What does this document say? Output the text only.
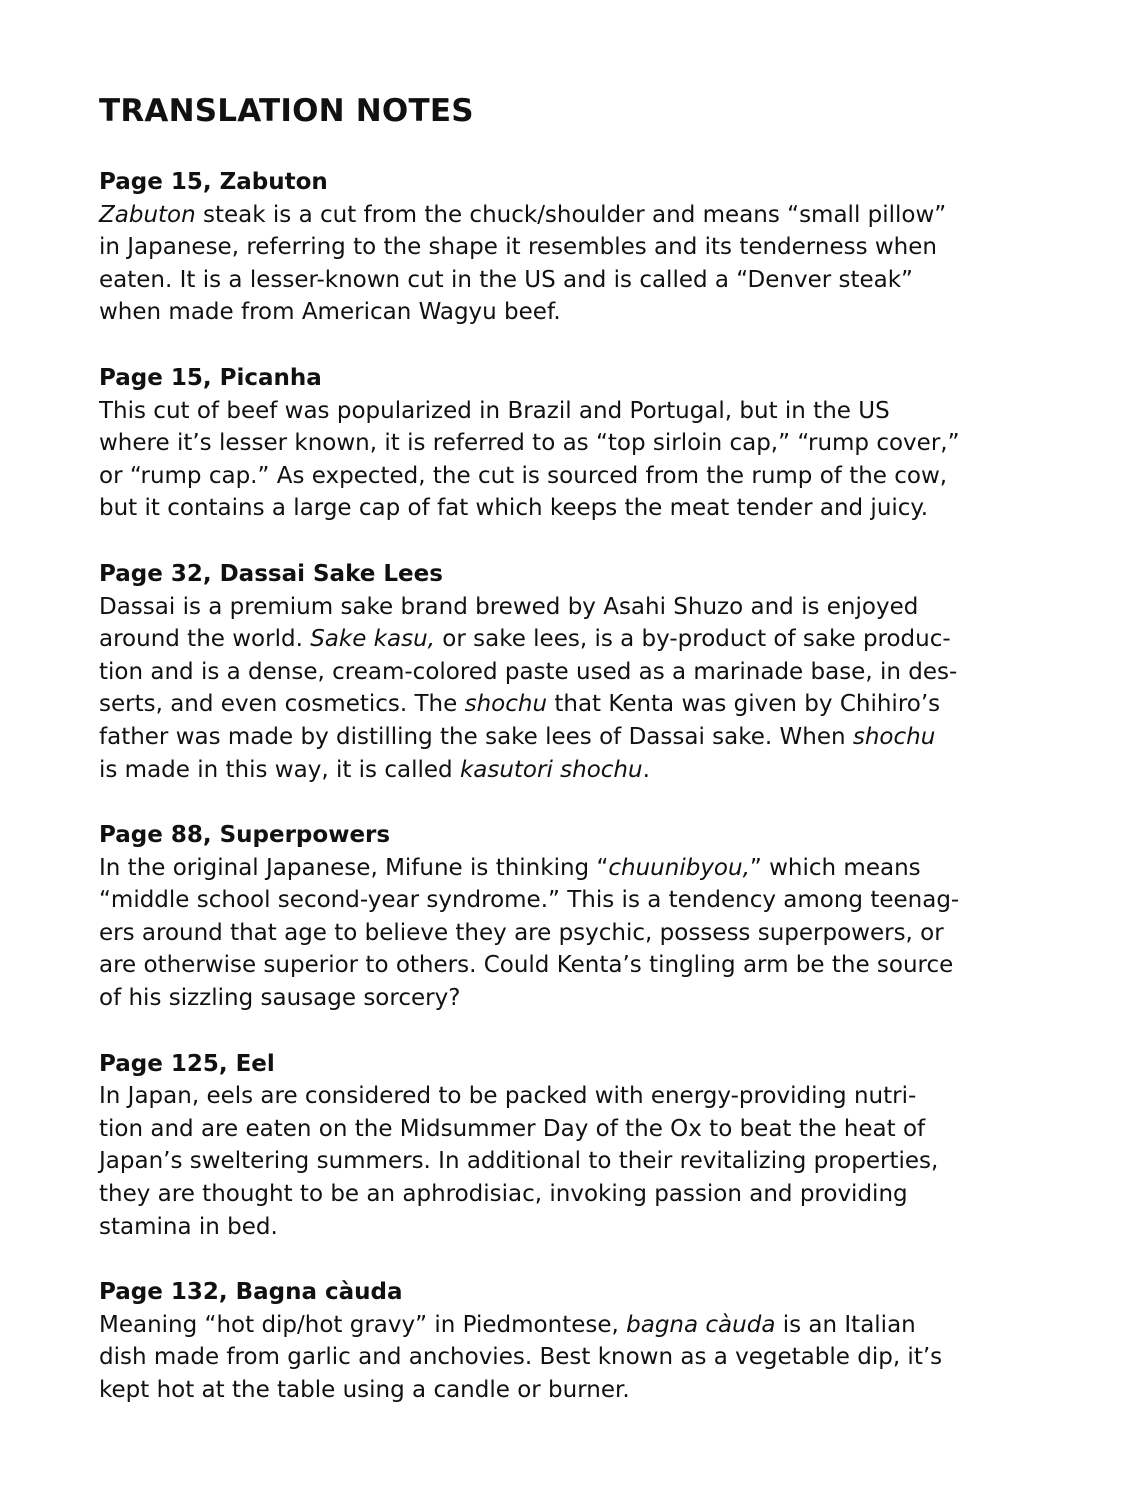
TRANSLATION NOTES
Page 15, Zabuton
Zabuton steak is a cut from the chuck/shoulder and means “small pillow”
in Japanese, referring to the shape it resembles and its tenderness when
eaten. It is a lesser-known cut in the US and is called a “Denver steak”
when made from American Wagyu beef.
Page 15, Picanha
This cut of beef was popularized in Brazil and Portugal, but in the US
where it’s lesser known, it is referred to as “top sirloin cap,” “rump cover,”
or “rump cap.” As expected, the cut is sourced from the rump of the cow,
but it contains a large cap of fat which keeps the meat tender and juicy.
Page 32, Dassai Sake Lees
Dassai is a premium sake brand brewed by Asahi Shuzo and is enjoyed
around the world. Sake kasu, or sake lees, is a by-product of sake produc-
tion and is a dense, cream-colored paste used as a marinade base, in des-
serts, and even cosmetics. The shochu that Kenta was given by Chihiro’s
father was made by distilling the sake lees of Dassai sake. When shochu
is made in this way, it is called kasutori shochu.
Page 88, Superpowers
In the original Japanese, Mifune is thinking “chuunibyou,” which means
“middle school second-year syndrome.” This is a tendency among teenag-
ers around that age to believe they are psychic, possess superpowers, or
are otherwise superior to others. Could Kenta’s tingling arm be the source
of his sizzling sausage sorcery?
Page 125, Eel
In Japan, eels are considered to be packed with energy-providing nutri-
tion and are eaten on the Midsummer Day of the Ox to beat the heat of
Japan’s sweltering summers. In additional to their revitalizing properties,
they are thought to be an aphrodisiac, invoking passion and providing
stamina in bed.
Page 132, Bagna càuda
Meaning “hot dip/hot gravy” in Piedmontese, bagna càuda is an Italian
dish made from garlic and anchovies. Best known as a vegetable dip, it’s
kept hot at the table using a candle or burner.
